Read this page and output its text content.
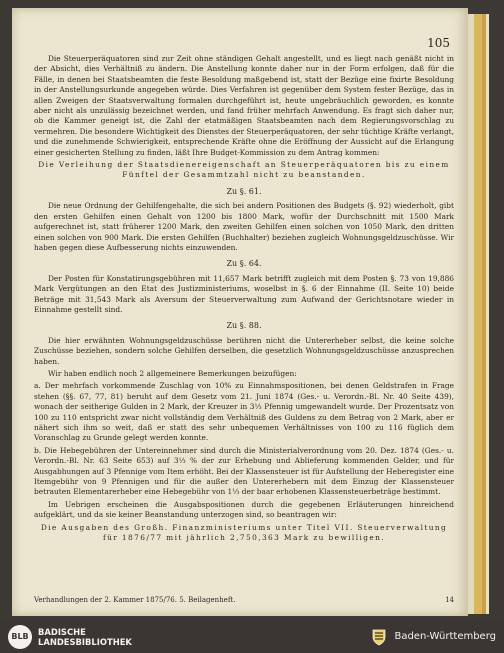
105

Die Steuerperäquatoren sind zur Zeit ohne ständigen Gehalt angestellt, und es liegt nach genäßt nicht in der Absicht, dies Verhältniß zu ändern. Die Anstellung konnte daher nur in der Form erfolgen, daß für die Fälle, in denen bei Staatsbeamten die feste Besoldung maßgebend ist, statt der Bezüge eine fixirte Besoldung in der Anstellungsurkunde angegeben würde. Dies Verfahren ist gegenüber dem System fester Bezüge, das in allen Zweigen der Staatsverwaltung formalen durchgeführt ist, heute ungebräuchlich geworden, es konnte aber nicht als unzulässig bezeichnet werden, und fand früher mehrfach Anwendung. Es fragt sich daher nur, ob die Kammer geneigt ist, die Zahl der etatmäßigen Staatsbeamten nach dem Regierungsvorschlag zu vermehren. Die besondere Wichtigkeit des Dienstes der Steuerperäquatoren, der sehr tüchtige Kräfte verlangt, und die zunehmende Schwierigkeit, entsprechende Kräfte ohne die Eröffnung der Aussicht auf die Erlangung einer gesicherten Stellung zu finden, läßt Ihre Budget-Kommission zu dem Antrag kommen:

Die Verleihung der Staatsdienereigenschaft an Steuerperäquatoren bis zu einem Fünftel der Gesammtzahl nicht zu beanstanden.

Zu §. 61.

Die neue Ordnung der Gehilfengehalte, die sich bei andern Positionen des Budgets (§. 92) wiederholt, gibt den ersten Gehilfen einen Gehalt von 1200 bis 1800 Mark, wofür der Durchschnitt mit 1500 Mark aufgerechnet ist, statt früherer 1200 Mark, den zweiten Gehilfen einen solchen von 1050 Mark, den dritten einen solchen von 900 Mark. Die ersten Gehilfen (Buchhalter) beziehen zugleich Wohnungsgeldzuschüsse. Wir haben gegen diese Aufbesserung nichts einzuwenden.

Zu §. 64.

Der Posten für Konstatirungsgebühren mit 11,657 Mark betrifft zugleich mit dem Posten §. 73 von 19,886 Mark Vergütungen an den Etat des Justizministeriums, woselbst in §. 6 der Einnahme (II. Seite 10) beide Beträge mit 31,543 Mark als Aversum der Steuerverwaltung zum Aufwand der Gerichtsnotare wieder in Einnahme gestellt sind.

Zu §. 88.

Die hier erwähnten Wohnungsgeldzuschüsse berühren nicht die Untererheber selbst, die keine solche Zuschüsse beziehen, sondern solche Gehilfen derselben, die gesetzlich Wohnungsgeldzuschüsse anzusprechen haben.

Wir haben endlich noch 2 allgemeinere Bemerkungen beizufügen:

a. Der mehrfach vorkommende Zuschlag von 10% zu Einnahmspositionen, bei denen Geldstrafen in Frage stehen (§§. 67, 77, 81) beruht auf dem Gesetz vom 21. Juni 1874 (Ges.- u. Verordn.-Bl. Nr. 40 Seite 439), wonach der seitherige Gulden in 2 Mark, der Kreuzer in 3⅓ Pfennig umgewandelt wurde. Der Prozentsatz von 100 zu 110 entspricht zwar nicht vollständig dem Verhältniß des Guldens zu dem Betrag von 2 Mark, aber er nähert sich ihm so weit, daß er statt des sehr unbequemen Verhältnisses von 100 zu 116 füglich dem Voranschlag zu Grunde gelegt werden konnte.

b. Die Hebegebühren der Untereinnehmer sind durch die Ministerialverordnung vom 20. Dez. 1874 (Ges.- u. Verordn.-Bl. Nr. 63 Seite 653) auf 3⅓ % der zur Erhebung und Ablieferung kommenden Gelder, und für Ausgabhungen auf 3 Pfennige vom Item erhöht. Bei der Klassensteuer ist für Aufstellung der Heberegister eine Itemgebühr von 9 Pfennigen und für die außer den Untererhebern mit dem Einzug der Klassensteuer betrauten Elementarerheber eine Hebegebühr von 1⅓ der baar erhobenen Klassensteuerbeträge bestimmt.

Im Uebrigen erscheinen die Ausgabspositionen durch die gegebenen Erläuterungen hinreichend aufgeklärt, und da sie keiner Beanstandung unterzogen sind, so beantragen wir:

Die Ausgaben des Großh. Finanzministeriums unter Titel VII. Steuerverwaltung für 1876/77 mit jährlich 2,750,363 Mark zu bewilligen.

Verhandlungen der 2. Kammer 1875/76. 5. Beilagenheft.	14
BLB	BADISCHE
LANDESBIBLIOTHEK	Baden-Württemberg
